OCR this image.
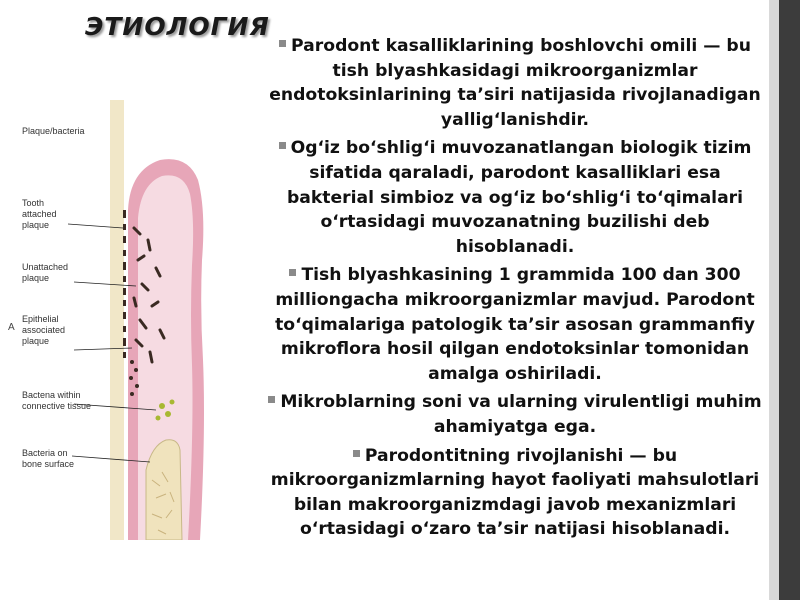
ЭТИОЛОГИЯ
Plaque/bacteria
Tooth
attached
plaque
Unattached
plaque
Epithelial
associated
plaque
Bactena within
connective tissue
Bacteria on
bone surface
A
Parodont kasalliklarining boshlovchi omili — bu tish blyashkasidagi mikroorganizmlar endotoksinlarining ta’siri natijasida rivojlanadigan yallig‘lanishdir.
Og‘iz bo‘shlig‘i muvozanatlangan biologik tizim sifatida qaraladi, parodont kasalliklari esa bakterial simbioz va og‘iz bo‘shlig‘i to‘qimalari o‘rtasidagi muvozanatning buzilishi deb hisoblanadi.
Tish blyashkasining 1 grammida 100 dan 300 milliongacha mikroorganizmlar mavjud. Parodont to‘qimalariga patologik ta’sir asosan grammanfiy mikroflora hosil qilgan endotoksinlar tomonidan amalga oshiriladi.
Mikroblarning soni va ularning virulentligi muhim ahamiyatga ega.
Parodontitning rivojlanishi — bu mikroorganizmlarning hayot faoliyati mahsulotlari bilan makroorganizmdagi javob mexanizmlari o‘rtasidagi o‘zaro ta’sir natijasi hisoblanadi.
